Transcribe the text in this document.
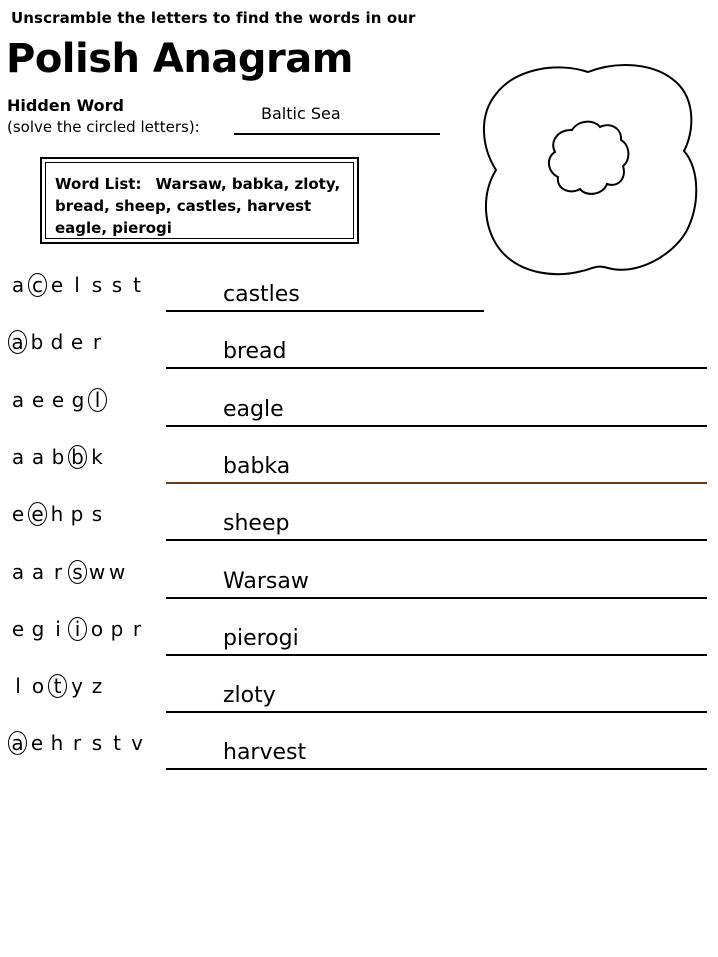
Unscramble the letters to find the words in our
Polish Anagram
Hidden Word
(solve the circled letters):
Baltic Sea
Word List: Warsaw, babka, zloty,
bread, sheep, castles, harvest
eagle, pierogi
a c e l s s t	castles
a b d e r	bread
a e e g l	eagle
a a b b k	babka
e e h p s	sheep
a a r s w w	Warsaw
e g i i o p r	pierogi
l o t y z	zloty
a e h r s t v	harvest
